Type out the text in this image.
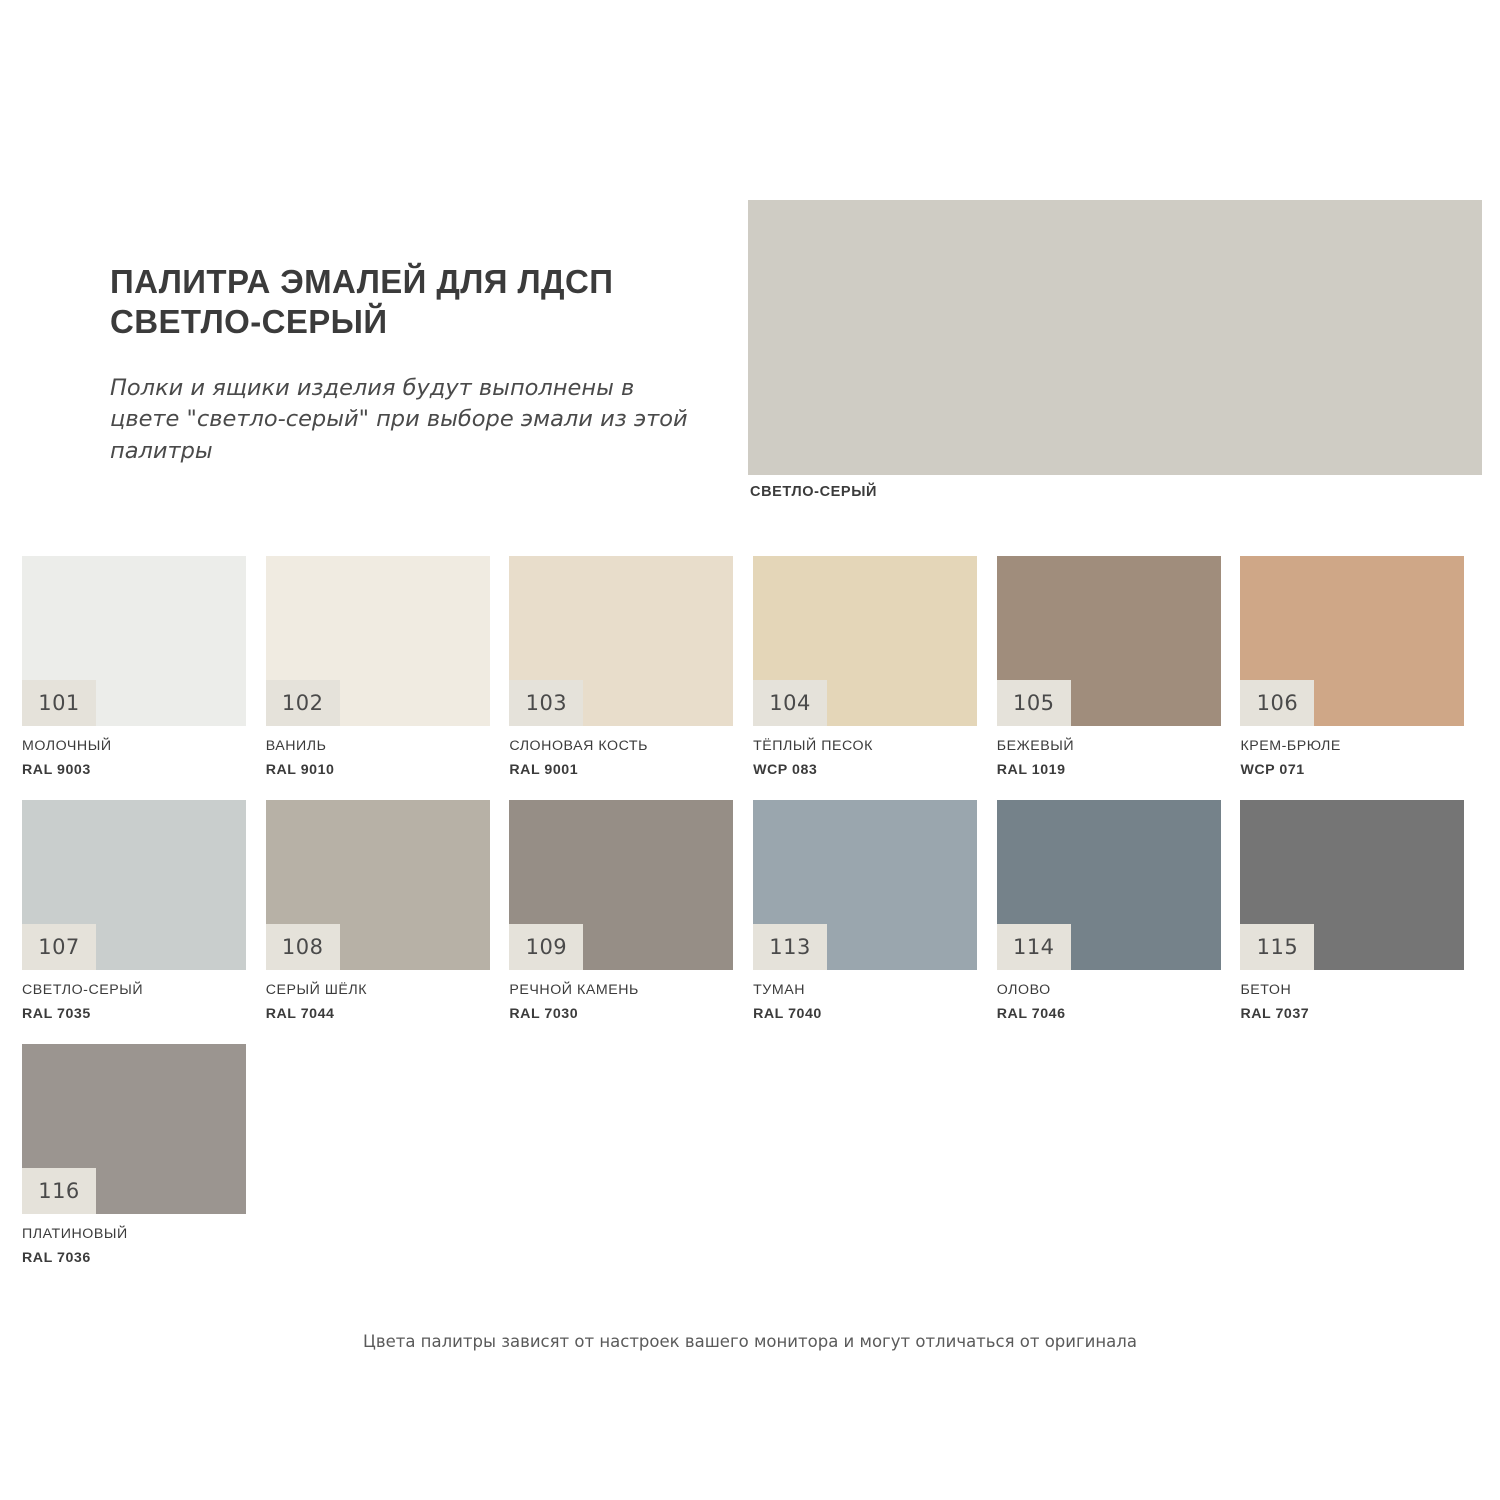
ПАЛИТРА ЭМАЛЕЙ ДЛЯ ЛДСП СВЕТЛО-СЕРЫЙ

Полки и ящики изделия будут выполнены в цвете "светло-серый" при выборе эмали из этой палитры

СВЕТЛО-СЕРЫЙ
101
МОЛОЧНЫЙ
RAL 9003
102
ВАНИЛЬ
RAL 9010
103
СЛОНОВАЯ КОСТЬ
RAL 9001
104
ТЁПЛЫЙ ПЕСОК
WCP 083
105
БЕЖЕВЫЙ
RAL 1019
106
КРЕМ-БРЮЛЕ
WCP 071
107
СВЕТЛО-СЕРЫЙ
RAL 7035
108
СЕРЫЙ ШЁЛК
RAL 7044
109
РЕЧНОЙ КАМЕНЬ
RAL 7030
113
ТУМАН
RAL 7040
114
ОЛОВО
RAL 7046
115
БЕТОН
RAL 7037
116
ПЛАТИНОВЫЙ
RAL 7036
Цвета палитры зависят от настроек вашего монитора и могут отличаться от оригинала
